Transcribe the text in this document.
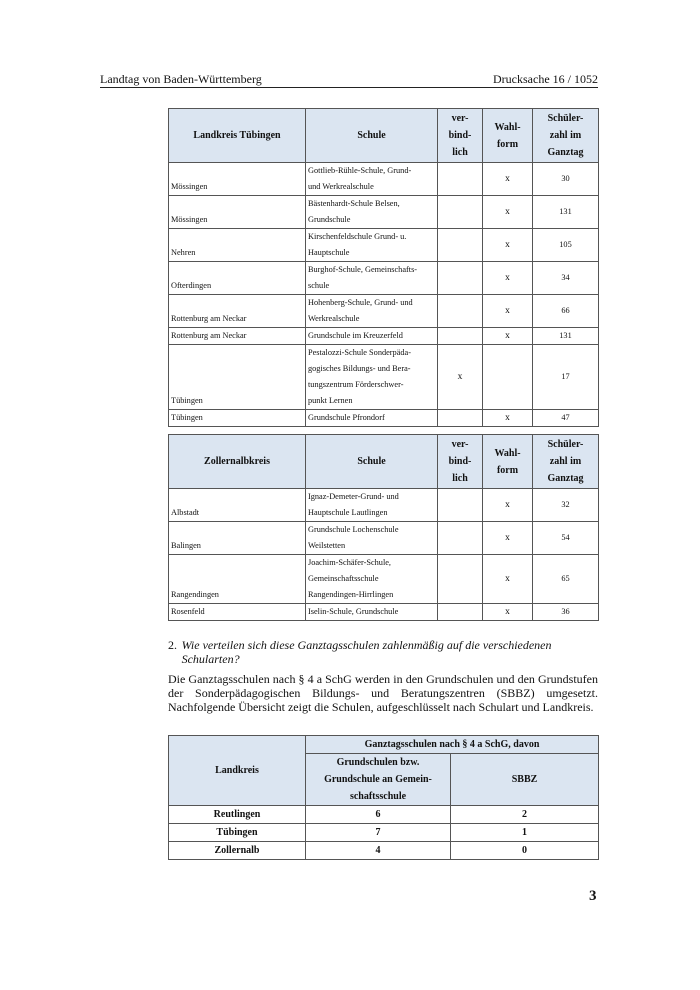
Landtag von Baden-Württemberg	Drucksache 16 / 1052
Landkreis Tübingen	Schule	ver-
bind-
lich	Wahl-
form	Schüler-
zahl im
Ganztag
Mössingen	Gottlieb-Rühle-Schule, Grund-
und Werkrealschule		x	30
Mössingen	Bästenhardt-Schule Belsen,
Grundschule		x	131
Nehren	Kirschenfeldschule Grund- u.
Hauptschule		x	105
Ofterdingen	Burghof-Schule, Gemeinschafts-
schule		x	34
Rottenburg am Neckar	Hohenberg-Schule, Grund- und
Werkrealschule		x	66
Rottenburg am Neckar	Grundschule im Kreuzerfeld		x	131
Tübingen	Pestalozzi-Schule Sonderpäda-
gogisches Bildungs- und Bera-
tungszentrum Förderschwer-
punkt Lernen	x		17
Tübingen	Grundschule Pfrondorf		x	47
Zollernalbkreis	Schule	ver-
bind-
lich	Wahl-
form	Schüler-
zahl im
Ganztag
Albstadt	Ignaz-Demeter-Grund- und
Hauptschule Lautlingen		x	32
Balingen	Grundschule Lochenschule
Weilstetten		x	54
Rangendingen	Joachim-Schäfer-Schule,
Gemeinschaftsschule
Rangendingen-Hirrlingen		x	65
Rosenfeld	Iselin-Schule, Grundschule		x	36
2. Wie verteilen sich diese Ganztagsschulen zahlenmäßig auf die verschiedenen Schularten?
Die Ganztagsschulen nach § 4 a SchG werden in den Grundschulen und den Grundstufen der Sonderpädagogischen Bildungs- und Beratungszentren (SBBZ) umgesetzt. Nachfolgende Übersicht zeigt die Schulen, aufgeschlüsselt nach Schulart und Landkreis.
Landkreis	Ganztagsschulen nach § 4 a SchG, davon	
	Grundschulen bzw.
Grundschule an Gemein-
schaftsschule	SBBZ
Reutlingen	6	2
Tübingen	7	1
Zollernalb	4	0
3
